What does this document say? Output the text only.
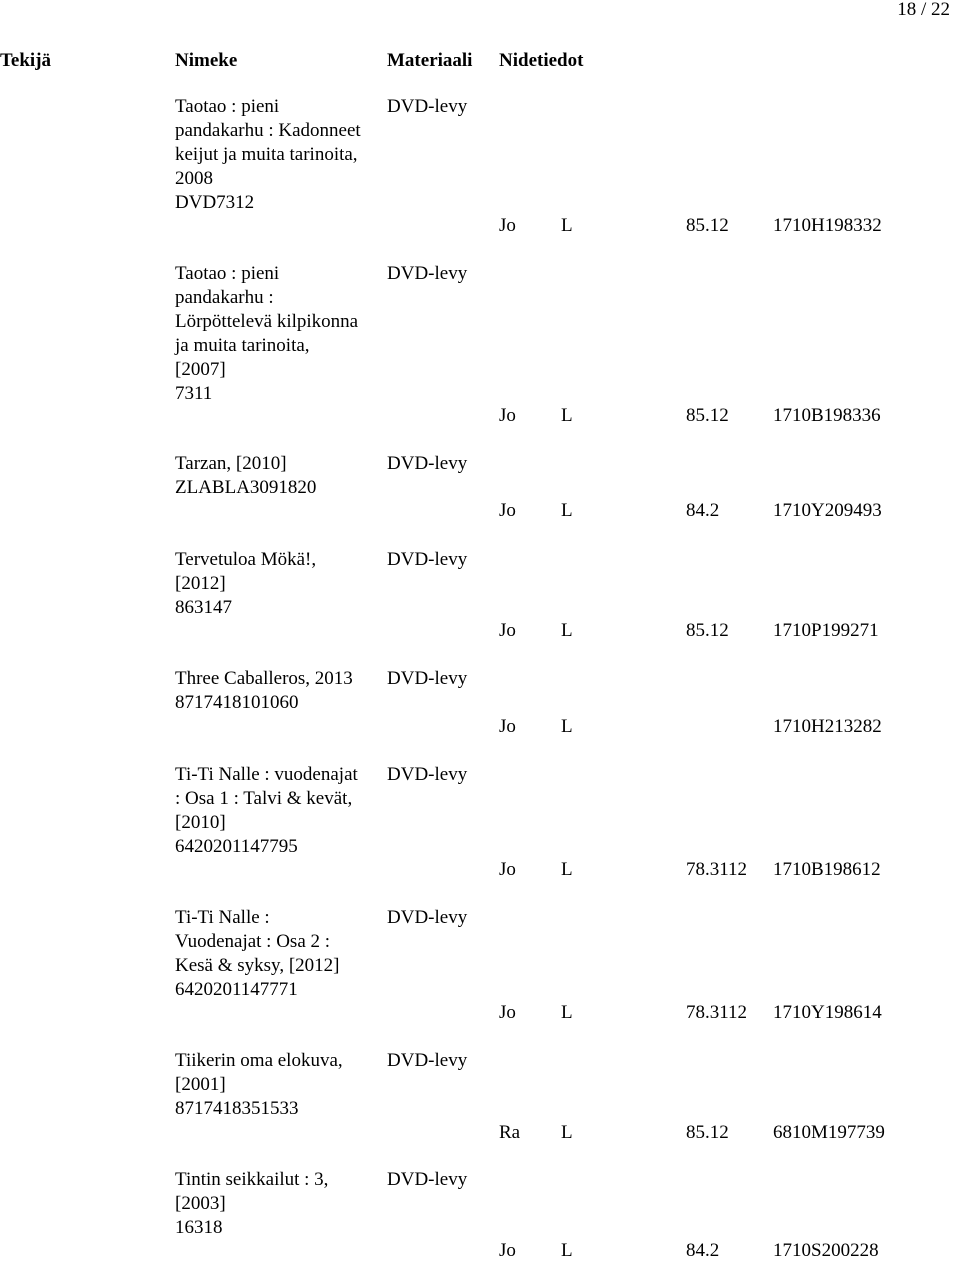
18 / 22
Tekijä	Nimeke	Materiaali Nidetiedot
Taotao : pieni
pandakarhu : Kadonneet
keijut ja muita tarinoita,
2008
DVD7312
DVD-levy
Jo L	85.12 1710H198332
Taotao : pieni
pandakarhu :
Lörpöttelevä kilpikonna
ja muita tarinoita,
[2007]
7311
DVD-levy
Jo L	85.12 1710B198336
Tarzan, [2010]
ZLABLA3091820
DVD-levy
Jo L	84.2	1710Y209493
Tervetuloa Mökä!,
[2012]
863147
DVD-levy
Jo L	85.12 1710P199271
Three Caballeros, 2013
8717418101060
DVD-levy
Jo L	1710H213282
Ti-Ti Nalle : vuodenajat
: Osa 1 : Talvi & kevät,
[2010]
6420201147795
DVD-levy
Jo L	78.3112 1710B198612
Ti-Ti Nalle :
Vuodenajat : Osa 2 :
Kesä & syksy, [2012]
6420201147771
DVD-levy
Jo L	78.3112 1710Y198614
Tiikerin oma elokuva,
[2001]
8717418351533
DVD-levy
Ra L	85.12 6810M197739
Tintin seikkailut : 3,
[2003]
16318
DVD-levy
Jo L	84.2	1710S200228
